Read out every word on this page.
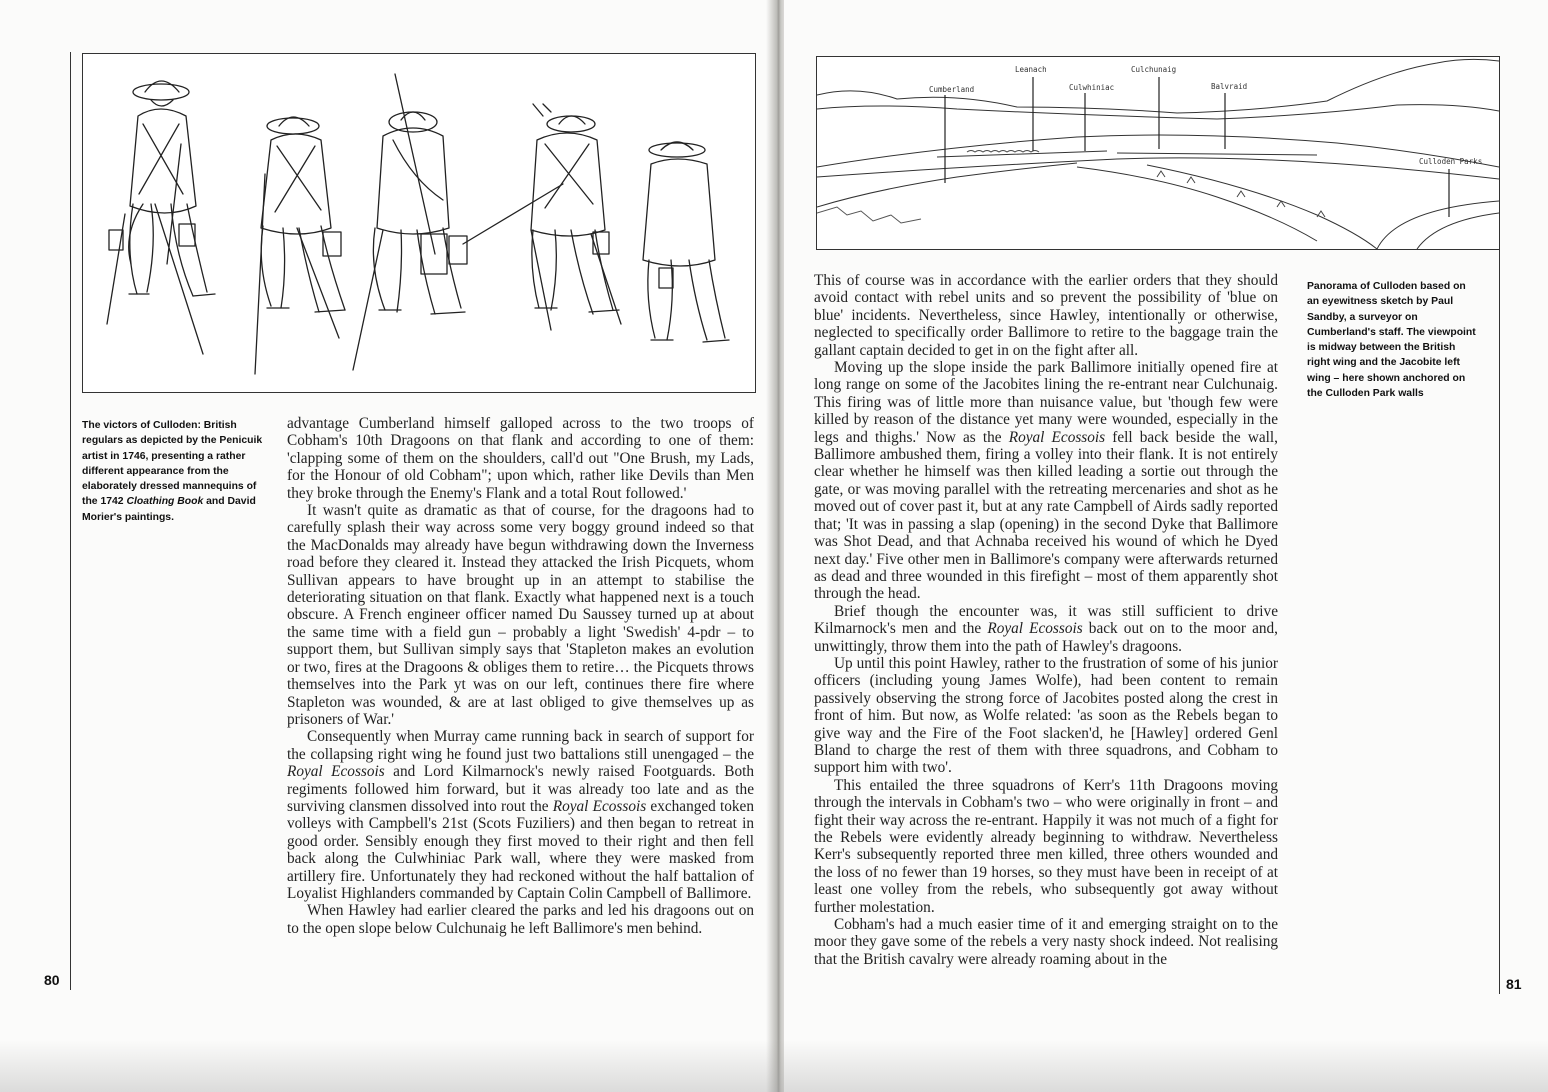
The victors of Culloden: British regulars as depicted by the Penicuik artist in 1746, presenting a rather different appearance from the elaborately dressed mannequins of the 1742 Cloathing Book and David Morier's paintings.

advantage Cumberland himself galloped across to the two troops of Cobham's 10th Dragoons on that flank and according to one of them: 'clapping some of them on the shoulders, call'd out "One Brush, my Lads, for the Honour of old Cobham"; upon which, rather like Devils than Men they broke through the Enemy's Flank and a total Rout followed.'

It wasn't quite as dramatic as that of course, for the dragoons had to carefully splash their way across some very boggy ground indeed so that the MacDonalds may already have begun withdrawing down the Inverness road before they cleared it. Instead they attacked the Irish Picquets, whom Sullivan appears to have brought up in an attempt to stabilise the deteriorating situation on that flank. Exactly what happened next is a touch obscure. A French engineer officer named Du Saussey turned up at about the same time with a field gun – probably a light 'Swedish' 4-pdr – to support them, but Sullivan simply says that 'Stapleton makes an evolution or two, fires at the Dragoons & obliges them to retire… the Picquets throws themselves into the Park yt was on our left, continues there fire where Stapleton was wounded, & are at last obliged to give themselves up as prisoners of War.'

Consequently when Murray came running back in search of support for the collapsing right wing he found just two battalions still unengaged – the Royal Ecossois and Lord Kilmarnock's newly raised Footguards. Both regiments followed him forward, but it was already too late and as the surviving clansmen dissolved into rout the Royal Ecossois exchanged token volleys with Campbell's 21st (Scots Fuziliers) and then began to retreat in good order. Sensibly enough they first moved to their right and then fell back along the Culwhiniac Park wall, where they were masked from artillery fire. Unfortunately they had reckoned without the half battalion of Loyalist Highlanders commanded by Captain Colin Campbell of Ballimore.

When Hawley had earlier cleared the parks and led his dragoons out on to the open slope below Culchunaig he left Ballimore's men behind.

80
Cumberland
Leanach
Culwhiniac
Culchunaig
Balvraid
Culloden Parks

This of course was in accordance with the earlier orders that they should avoid contact with rebel units and so prevent the possibility of 'blue on blue' incidents. Nevertheless, since Hawley, intentionally or otherwise, neglected to specifically order Ballimore to retire to the baggage train the gallant captain decided to get in on the fight after all.

Moving up the slope inside the park Ballimore initially opened fire at long range on some of the Jacobites lining the re-entrant near Culchunaig. This firing was of little more than nuisance value, but 'though few were killed by reason of the distance yet many were wounded, especially in the legs and thighs.' Now as the Royal Ecossois fell back beside the wall, Ballimore ambushed them, firing a volley into their flank. It is not entirely clear whether he himself was then killed leading a sortie out through the gate, or was moving parallel with the retreating mercenaries and shot as he moved out of cover past it, but at any rate Campbell of Airds sadly reported that; 'It was in passing a slap (opening) in the second Dyke that Ballimore was Shot Dead, and that Achnaba received his wound of which he Dyed next day.' Five other men in Ballimore's company were afterwards returned as dead and three wounded in this firefight – most of them apparently shot through the head.

Brief though the encounter was, it was still sufficient to drive Kilmarnock's men and the Royal Ecossois back out on to the moor and, unwittingly, throw them into the path of Hawley's dragoons.

Up until this point Hawley, rather to the frustration of some of his junior officers (including young James Wolfe), had been content to remain passively observing the strong force of Jacobites posted along the crest in front of him. But now, as Wolfe related: 'as soon as the Rebels began to give way and the Fire of the Foot slacken'd, he [Hawley] ordered Genl Bland to charge the rest of them with three squadrons, and Cobham to support him with two'.

This entailed the three squadrons of Kerr's 11th Dragoons moving through the intervals in Cobham's two – who were originally in front – and fight their way across the re-entrant. Happily it was not much of a fight for the Rebels were evidently already beginning to withdraw. Nevertheless Kerr's subsequently reported three men killed, three others wounded and the loss of no fewer than 19 horses, so they must have been in receipt of at least one volley from the rebels, who subsequently got away without further molestation.

Cobham's had a much easier time of it and emerging straight on to the moor they gave some of the rebels a very nasty shock indeed. Not realising that the British cavalry were already roaming about in the

Panorama of Culloden based on an eyewitness sketch by Paul Sandby, a surveyor on Cumberland's staff. The viewpoint is midway between the British right wing and the Jacobite left wing – here shown anchored on the Culloden Park walls
81
